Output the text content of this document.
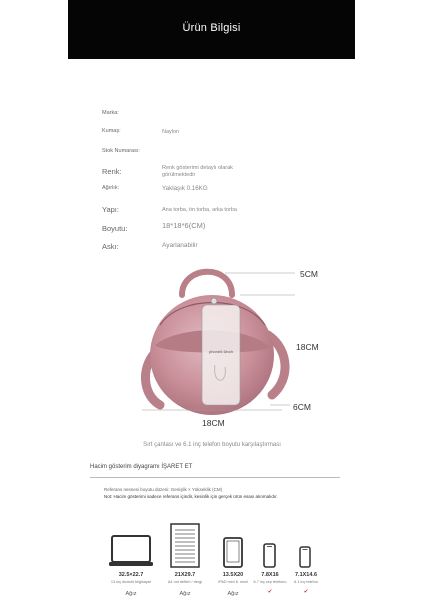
Ürün Bilgisi
Marka:
Kumaş:	Naylon
Stok Numarası:
Renk:	Renk gösterimi detaylı olarak görülmektedir
Ağırlık:	Yaklaşık 0.16KG
Yapı:	Ana torba, ön torba, arka torba
Boyutu:	18*18*6(CM)
Askı:	Ayarlanabilir
phone6 6inch
5CM
18CM
6CM
18CM
Sırt çantası ve 6.1 inç telefon boyutu karşılaştırması
Hacim gösterim diyagramı İŞARET ET
Referans nesnesi boyutu düzeni: Genişlik × Yükseklik (CM)
Not: Hacim gösterimi sadece referans içindir, kesinlik için gerçek ürün esası alınmalıdır.
32.5×22.7
13 inç dizüstü bilgisayar
Ağız
21X29.7
A4 not defteri / dergi
Ağız
13.5X20
iPAD mini 6. nesil
Ağız
7.8X16
6.7 inç cep telefonu
✔
7.1X14.6
6.1 inç telefon
✔
